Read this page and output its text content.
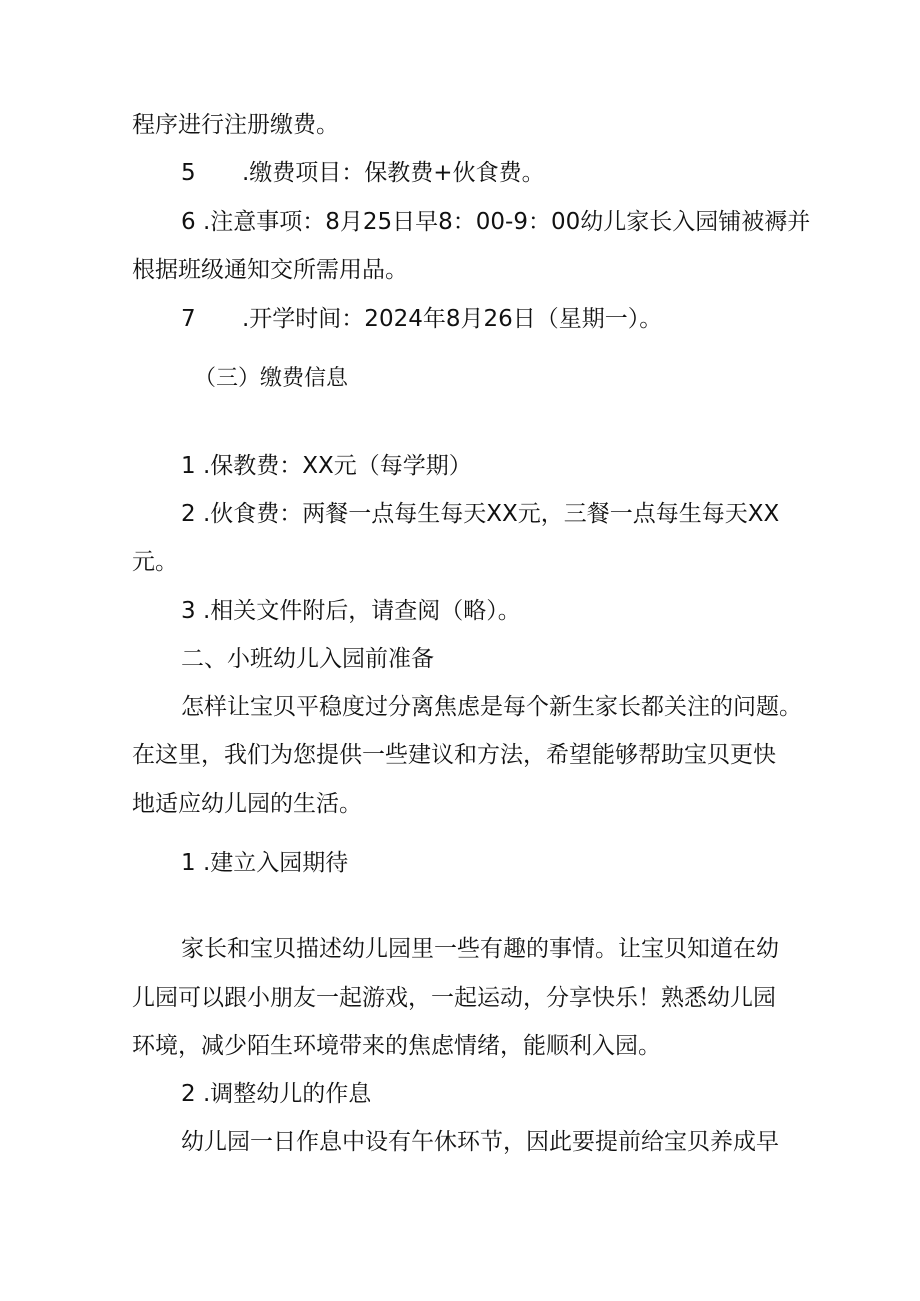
程序进行注册缴费。

5 .缴费项目：保教费+伙食费。

6 .注意事项：8月25日早8：00-9：00幼儿家长入园铺被褥并

根据班级通知交所需用品。

7 .开学时间：2024年8月26日（星期一）。

（三）缴费信息

1 .保教费：XX元（每学期）

2 .伙食费：两餐一点每生每天XX元，三餐一点每生每天XX

元。

3 .相关文件附后，请查阅（略）。

二、小班幼儿入园前准备

怎样让宝贝平稳度过分离焦虑是每个新生家长都关注的问题。

在这里，我们为您提供一些建议和方法，希望能够帮助宝贝更快

地适应幼儿园的生活。

1 .建立入园期待

家长和宝贝描述幼儿园里一些有趣的事情。让宝贝知道在幼

儿园可以跟小朋友一起游戏，一起运动，分享快乐！熟悉幼儿园

环境，减少陌生环境带来的焦虑情绪，能顺利入园。

2 .调整幼儿的作息

幼儿园一日作息中设有午休环节，因此要提前给宝贝养成早
